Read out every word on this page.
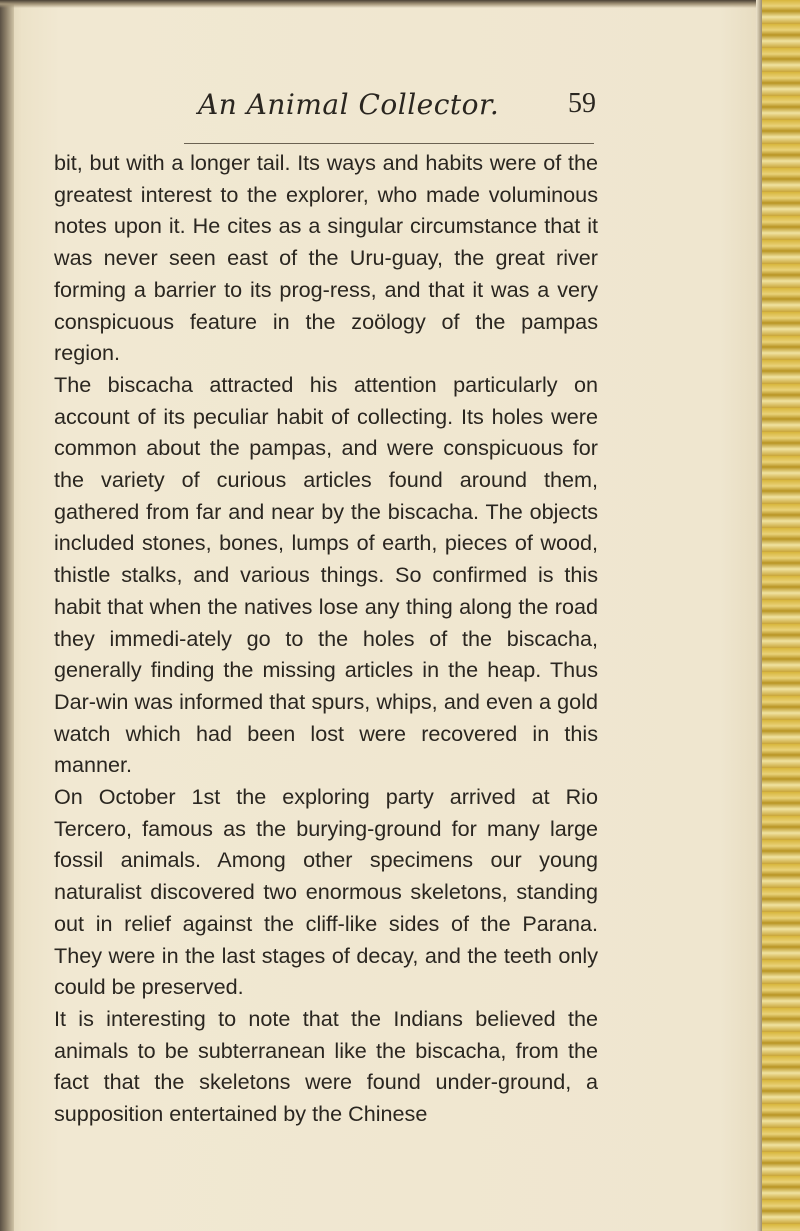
An Animal Collector. 59

bit, but with a longer tail. Its ways and habits were of the greatest interest to the explorer, who made voluminous notes upon it. He cites as a singular circumstance that it was never seen east of the Uru-guay, the great river forming a barrier to its prog-ress, and that it was a very conspicuous feature in the zoölogy of the pampas region.

The biscacha attracted his attention particularly on account of its peculiar habit of collecting. Its holes were common about the pampas, and were conspicuous for the variety of curious articles found around them, gathered from far and near by the biscacha. The objects included stones, bones, lumps of earth, pieces of wood, thistle stalks, and various things. So confirmed is this habit that when the natives lose any thing along the road they immedi-ately go to the holes of the biscacha, generally finding the missing articles in the heap. Thus Dar-win was informed that spurs, whips, and even a gold watch which had been lost were recovered in this manner.

On October 1st the exploring party arrived at Rio Tercero, famous as the burying-ground for many large fossil animals. Among other specimens our young naturalist discovered two enormous skeletons, standing out in relief against the cliff-like sides of the Parana. They were in the last stages of decay, and the teeth only could be preserved.

It is interesting to note that the Indians believed the animals to be subterranean like the biscacha, from the fact that the skeletons were found under-ground, a supposition entertained by the Chinese
